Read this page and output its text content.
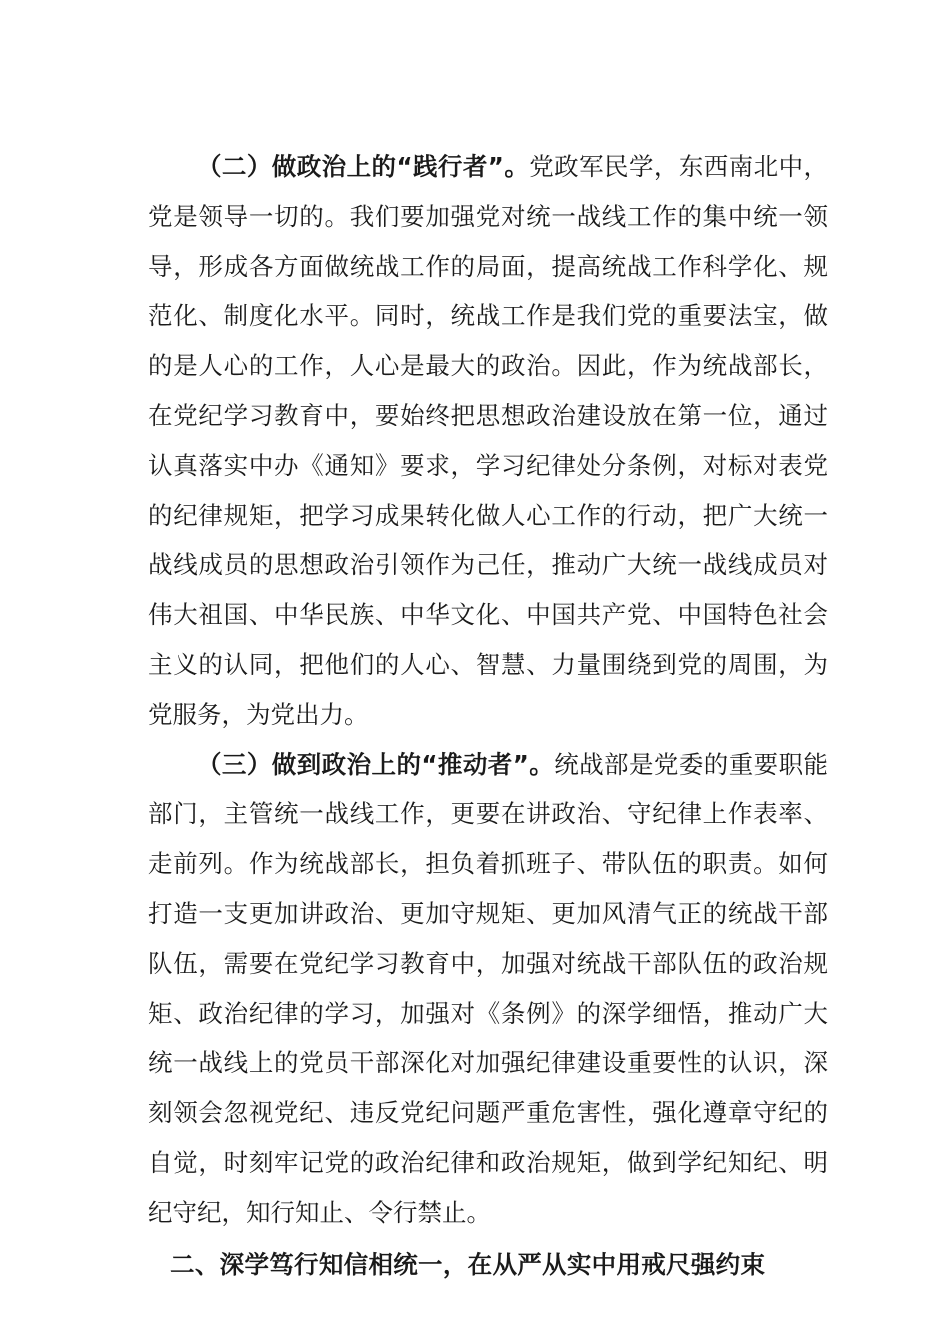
（二）做政治上的“践行者”。党政军民学，东西南北中，党是领导一切的。我们要加强党对统一战线工作的集中统一领导，形成各方面做统战工作的局面，提高统战工作科学化、规范化、制度化水平。同时，统战工作是我们党的重要法宝，做的是人心的工作，人心是最大的政治。因此，作为统战部长，在党纪学习教育中，要始终把思想政治建设放在第一位，通过认真落实中办《通知》要求，学习纪律处分条例，对标对表党的纪律规矩，把学习成果转化做人心工作的行动，把广大统一战线成员的思想政治引领作为己任，推动广大统一战线成员对伟大祖国、中华民族、中华文化、中国共产党、中国特色社会主义的认同，把他们的人心、智慧、力量围绕到党的周围，为党服务，为党出力。

（三）做到政治上的“推动者”。统战部是党委的重要职能部门，主管统一战线工作，更要在讲政治、守纪律上作表率、走前列。作为统战部长，担负着抓班子、带队伍的职责。如何打造一支更加讲政治、更加守规矩、更加风清气正的统战干部队伍，需要在党纪学习教育中，加强对统战干部队伍的政治规矩、政治纪律的学习，加强对《条例》的深学细悟，推动广大统一战线上的党员干部深化对加强纪律建设重要性的认识，深刻领会忽视党纪、违反党纪问题严重危害性，强化遵章守纪的自觉，时刻牢记党的政治纪律和政治规矩，做到学纪知纪、明纪守纪，知行知止、令行禁止。

二、深学笃行知信相统一，在从严从实中用戒尺强约束
